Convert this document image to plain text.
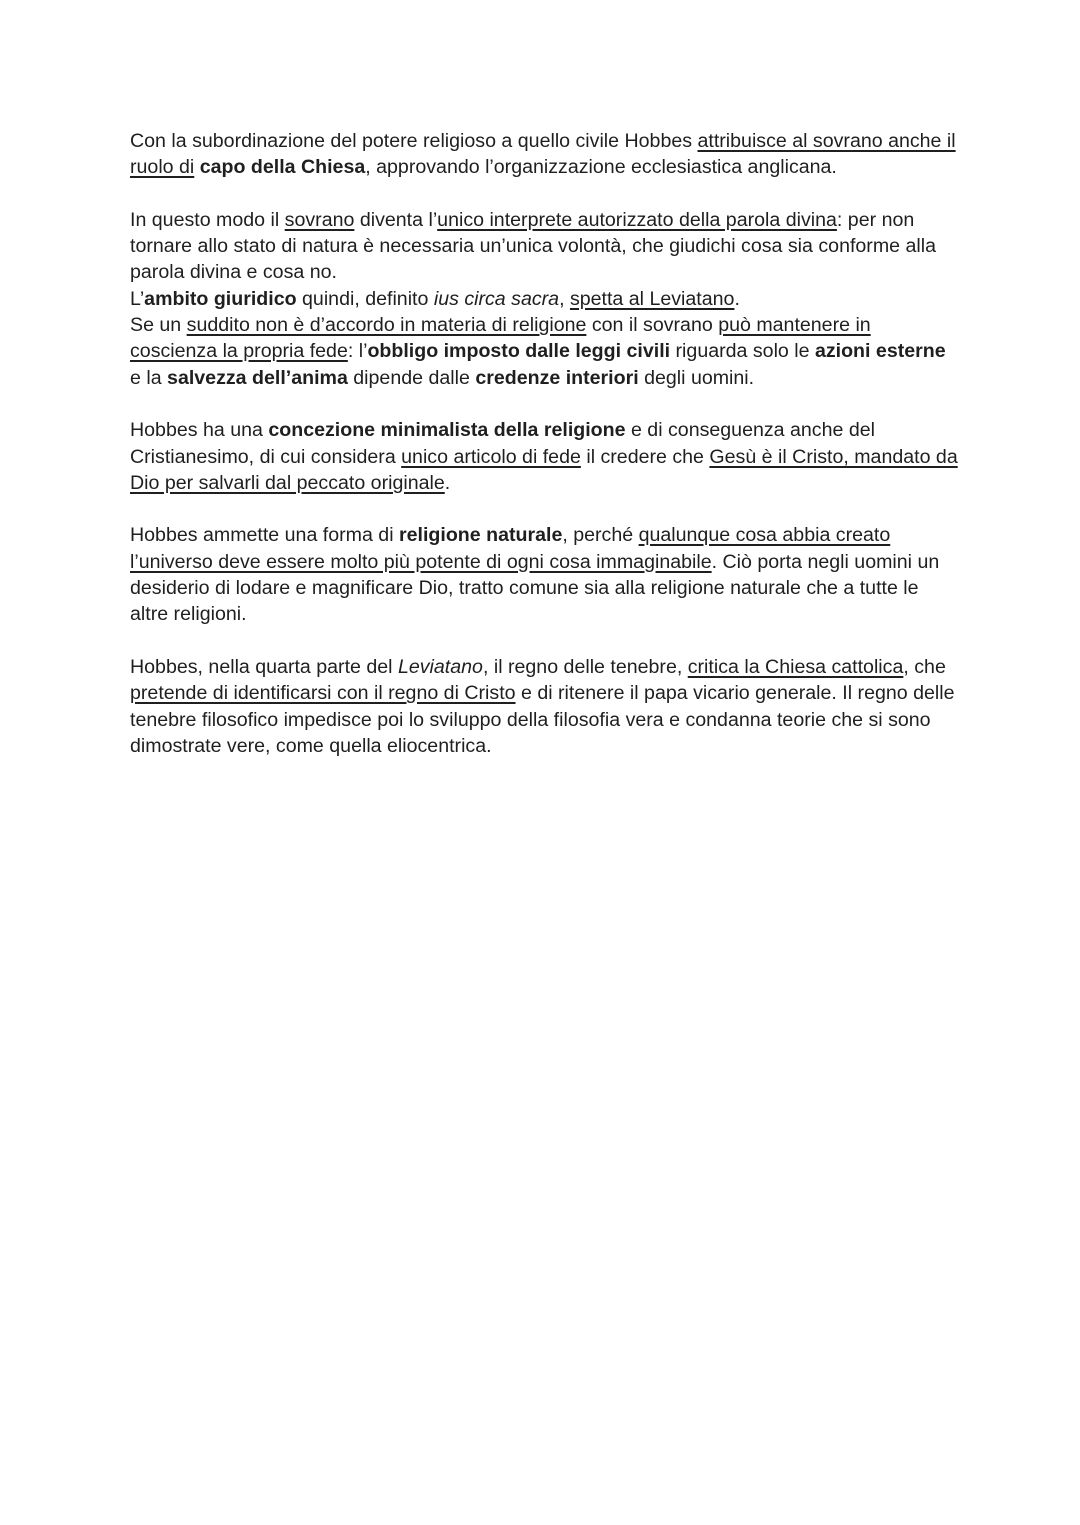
Con la subordinazione del potere religioso a quello civile Hobbes attribuisce al sovrano anche il ruolo di capo della Chiesa, approvando l’organizzazione ecclesiastica anglicana.

In questo modo il sovrano diventa l’unico interprete autorizzato della parola divina: per non tornare allo stato di natura è necessaria un’unica volontà, che giudichi cosa sia conforme alla parola divina e cosa no.

L’ambito giuridico quindi, definito ius circa sacra, spetta al Leviatano.

Se un suddito non è d’accordo in materia di religione con il sovrano può mantenere in coscienza la propria fede: l’obbligo imposto dalle leggi civili riguarda solo le azioni esterne e la salvezza dell’anima dipende dalle credenze interiori degli uomini.

Hobbes ha una concezione minimalista della religione e di conseguenza anche del Cristianesimo, di cui considera unico articolo di fede il credere che Gesù è il Cristo, mandato da Dio per salvarli dal peccato originale.

Hobbes ammette una forma di religione naturale, perché qualunque cosa abbia creato l’universo deve essere molto più potente di ogni cosa immaginabile. Ciò porta negli uomini un desiderio di lodare e magnificare Dio, tratto comune sia alla religione naturale che a tutte le altre religioni.

Hobbes, nella quarta parte del Leviatano, il regno delle tenebre, critica la Chiesa cattolica, che pretende di identificarsi con il regno di Cristo e di ritenere il papa vicario generale. Il regno delle tenebre filosofico impedisce poi lo sviluppo della filosofia vera e condanna teorie che si sono dimostrate vere, come quella eliocentrica.
